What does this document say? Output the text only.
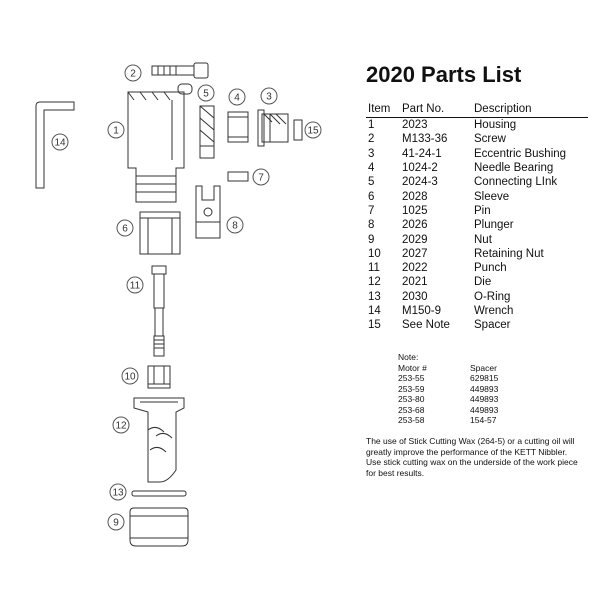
1
2
3
4
5
6
7
8
9
10
11
12
13
14
15
2020 Parts List
Item	Part No.	Description
1	2023	Housing
2	M133-36	Screw
3	41-24-1	Eccentric Bushing
4	1024-2	Needle Bearing
5	2024-3	Connecting LInk
6	2028	Sleeve
7	1025	Pin
8	2026	Plunger
9	2029	Nut
10	2027	Retaining Nut
11	2022	Punch
12	2021	Die
13	2030	O-Ring
14	M150-9	Wrench
15	See Note	Spacer
Note:
Motor #	Spacer
253-55	629815
253-59	449893
253-80	449893
253-68	449893
253-58	154-57
The use of Stick Cutting Wax (264-5) or a cutting oil will greatly improve the performance of the KETT Nibbler. Use stick cutting wax on the underside of the work piece for best results.
